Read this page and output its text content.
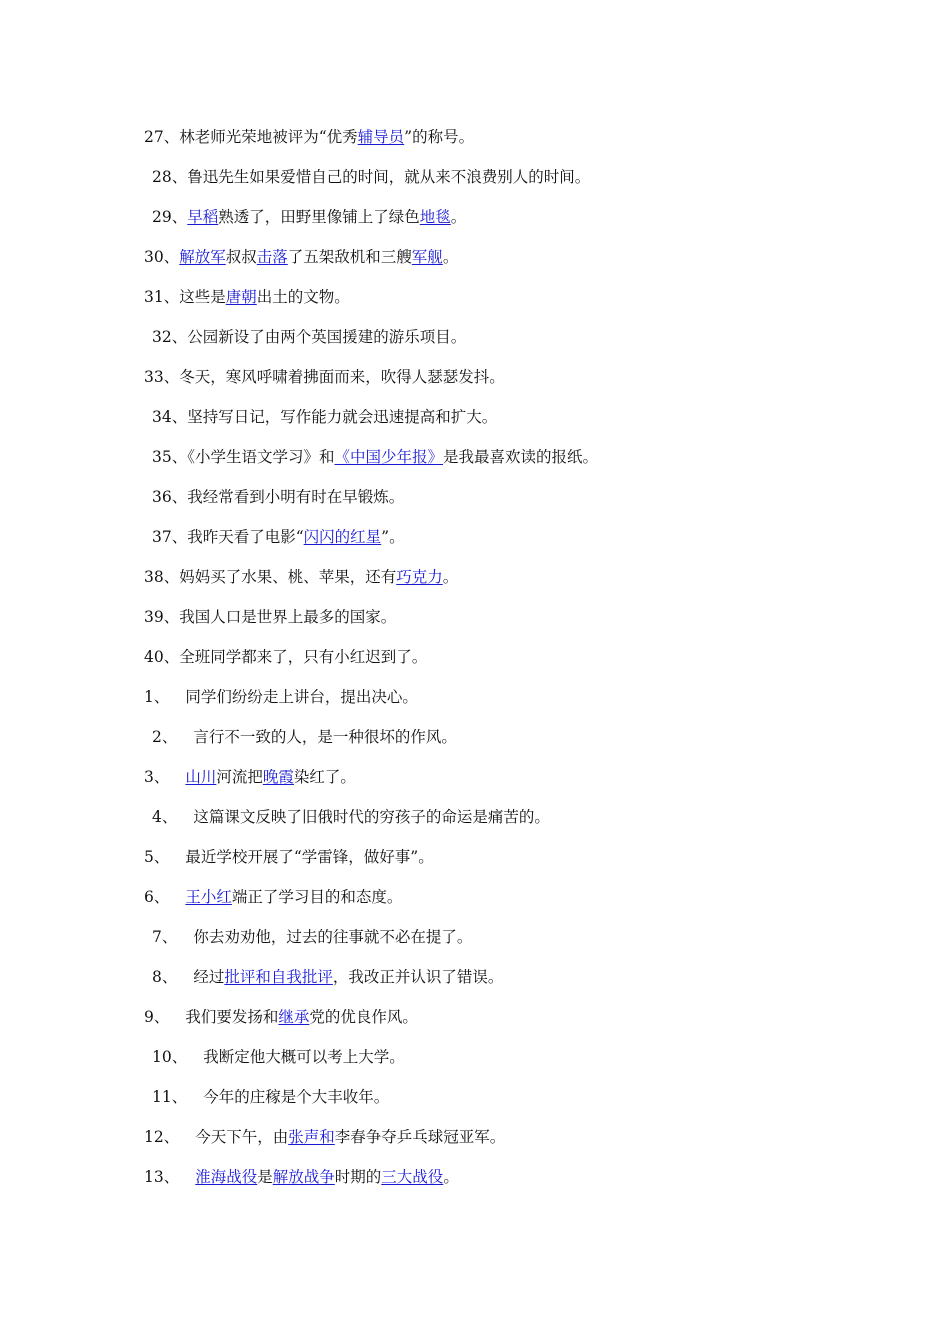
27、林老师光荣地被评为“优秀辅导员”的称号。
28、鲁迅先生如果爱惜自己的时间，就从来不浪费别人的时间。
29、早稻熟透了，田野里像铺上了绿色地毯。
30、解放军叔叔击落了五架敌机和三艘军舰。
31、这些是唐朝出土的文物。
32、公园新设了由两个英国援建的游乐项目。
33、冬天，寒风呼啸着拂面而来，吹得人瑟瑟发抖。
34、坚持写日记，写作能力就会迅速提高和扩大。
35、《小学生语文学习》和《中国少年报》是我最喜欢读的报纸。
36、我经常看到小明有时在早锻炼。
37、我昨天看了电影“闪闪的红星”。
38、妈妈买了水果、桃、苹果，还有巧克力。
39、我国人口是世界上最多的国家。
40、全班同学都来了，只有小红迟到了。
1、 同学们纷纷走上讲台，提出决心。
2、 言行不一致的人，是一种很坏的作风。
3、 山川河流把晚霞染红了。
4、 这篇课文反映了旧俄时代的穷孩子的命运是痛苦的。
5、 最近学校开展了“学雷锋，做好事”。
6、 王小红端正了学习目的和态度。
7、 你去劝劝他，过去的往事就不必在提了。
8、 经过批评和自我批评，我改正并认识了错误。
9、 我们要发扬和继承党的优良作风。
10、 我断定他大概可以考上大学。
11、 今年的庄稼是个大丰收年。
12、 今天下午，由张声和李春争夺乒乓球冠亚军。
13、 淮海战役是解放战争时期的三大战役。
